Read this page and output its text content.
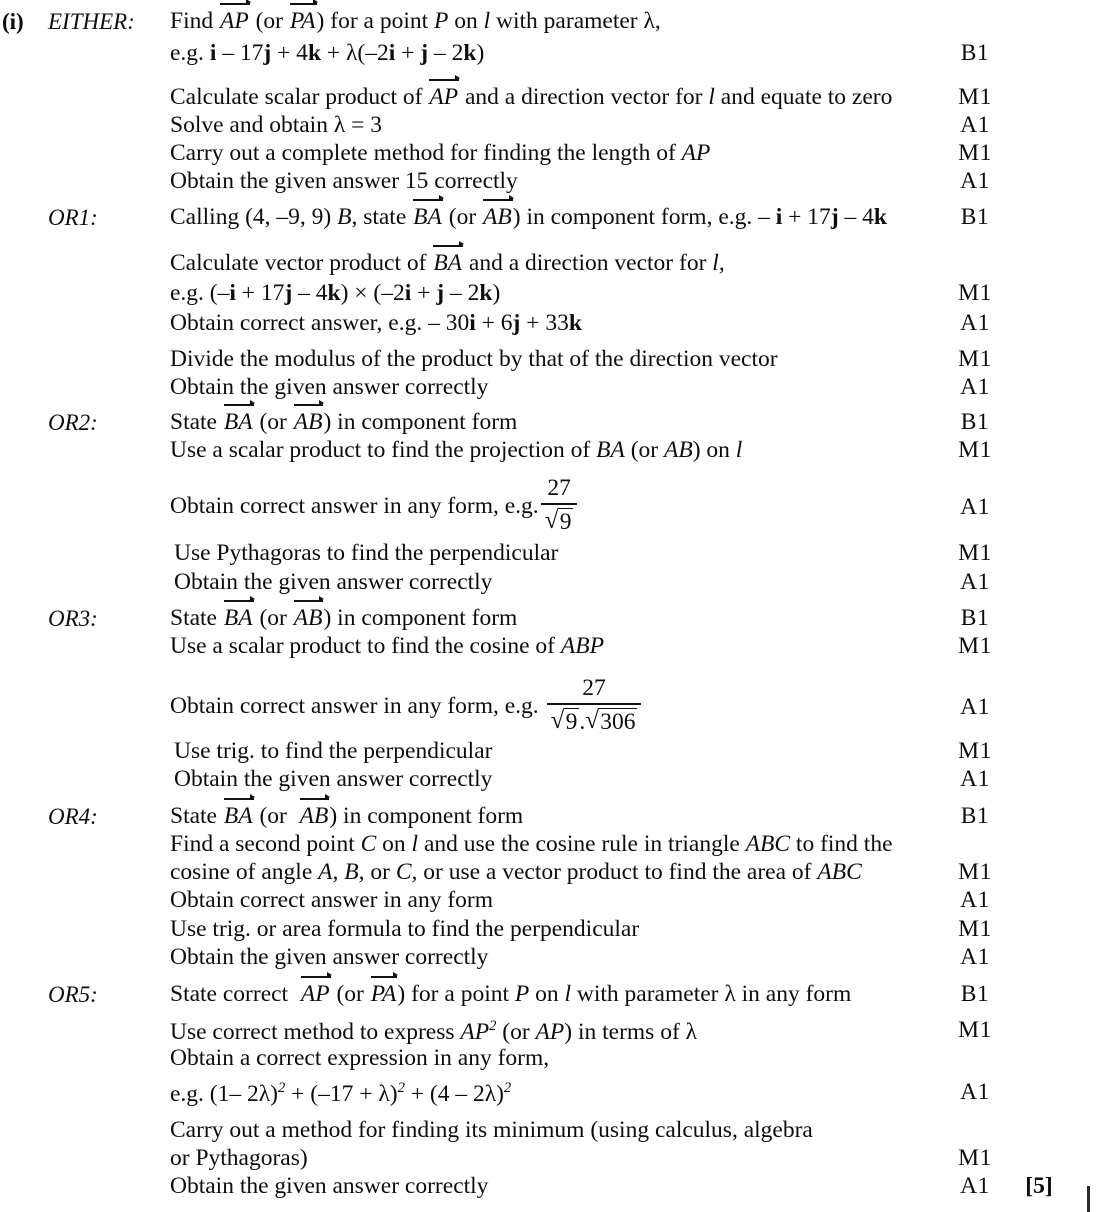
(i)	EITHER:	Find AP (or PA) for a point P on l with parameter λ,
e.g. i – 17j + 4k + λ(–2i + j – 2k)	B1
Calculate scalar product of AP and a direction vector for l and equate to zero	M1
Solve and obtain λ = 3	A1
Carry out a complete method for finding the length of AP	M1
Obtain the given answer 15 correctly	A1
OR1:	Calling (4, –9, 9) B, state BA (or AB) in component form, e.g. – i + 17j – 4k	B1
Calculate vector product of BA and a direction vector for l,
e.g. (–i + 17j – 4k) × (–2i + j – 2k)	M1
Obtain correct answer, e.g. – 30i + 6j + 33k	A1
Divide the modulus of the product by that of the direction vector	M1
Obtain the given answer correctly	A1
OR2:	State BA (or AB) in component form	B1
Use a scalar product to find the projection of BA (or AB) on l	M1
Obtain correct answer in any form, e.g. $\frac{27}{√ 9}$	A1
Use Pythagoras to find the perpendicular	M1
Obtain the given answer correctly	A1
OR3:	State BA (or AB) in component form	B1
Use a scalar product to find the cosine of ABP	M1
Obtain correct answer in any form, e.g. $\frac{27}{√ 9. √ 306}$	A1
Use trig. to find the perpendicular	M1
Obtain the given answer correctly	A1
OR4:	State BA (or  AB) in component form	B1
Find a second point C on l and use the cosine rule in triangle ABC to find the
cosine of angle A, B, or C, or use a vector product to find the area of ABC	M1
Obtain correct answer in any form	A1
Use trig. or area formula to find the perpendicular	M1
Obtain the given answer correctly	A1
OR5:	State correct  AP (or PA) for a point P on l with parameter λ in any form	B1
Use correct method to express $AP^2$ (or AP) in terms of λ	M1
Obtain a correct expression in any form,
e.g. (1– $2\lambda)^2 + (-17 + \lambda)^2 + (4 - 2\lambda)^2$	A1
Carry out a method for finding its minimum (using calculus, algebra
or Pythagoras)	M1
Obtain the given answer correctly	A1	[5]
